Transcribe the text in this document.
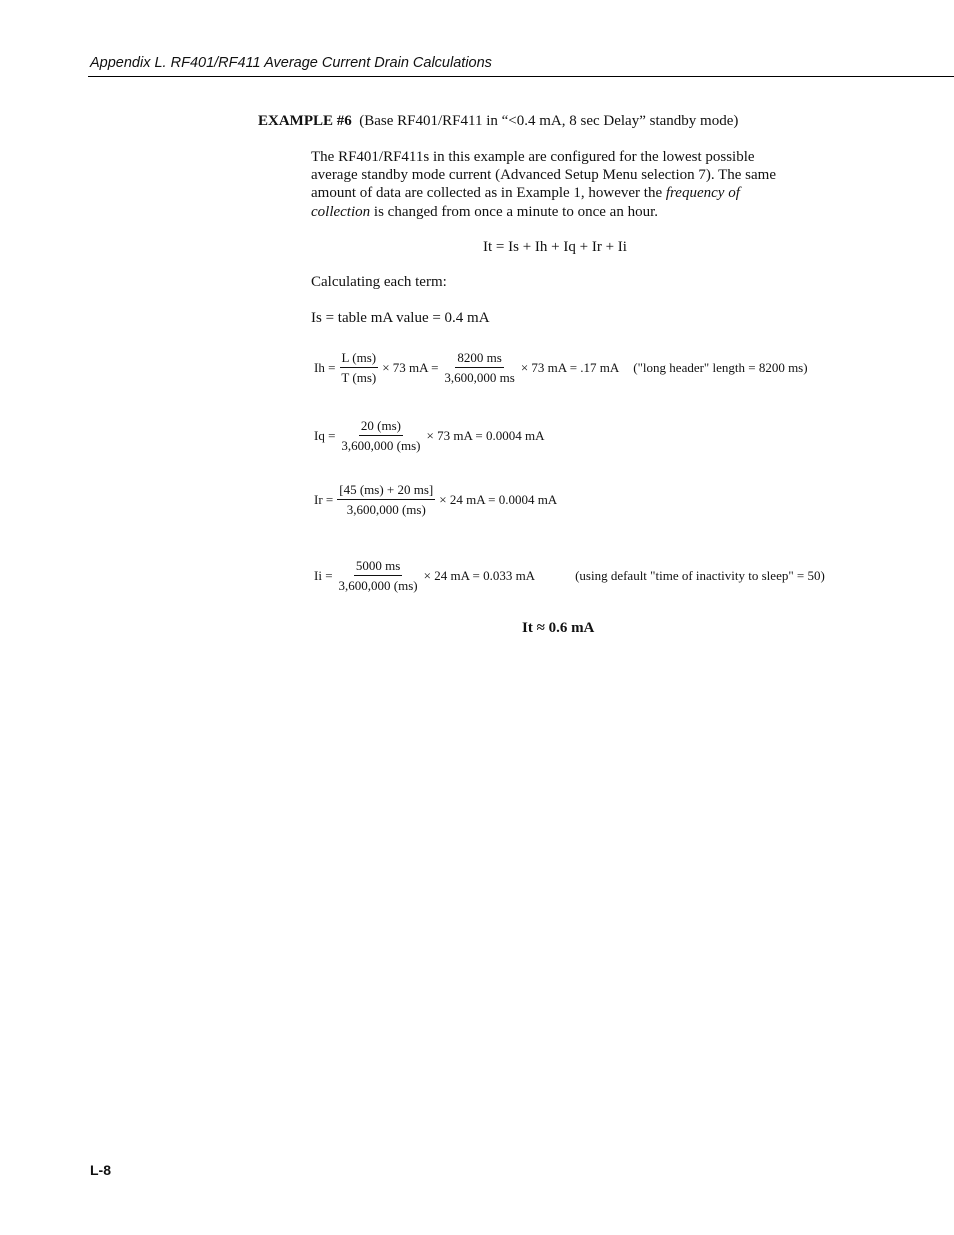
Appendix L. RF401/RF411 Average Current Drain Calculations
EXAMPLE #6 (Base RF401/RF411 in “<0.4 mA, 8 sec Delay” standby mode)
The RF401/RF411s in this example are configured for the lowest possible
average standby mode current (Advanced Setup Menu selection 7). The same
amount of data are collected as in Example 1, however the frequency of
collection is changed from once a minute to once an hour.
It = Is + Ih + Iq + Ir + Ii
Calculating each term:
Is = table mA value = 0.4 mA
$Ih = \frac{L (ms)}{T (ms)} \times 73$ mA = $\frac{8200 ms}{3,600,000 ms} \times 73$ mA = .17 mA ("long header" length = 8200 ms)
$Iq = \frac{20 (ms)}{3,600,000 (ms)} \times 73$ mA = 0.0004 mA
$Ir = \frac{[45 (ms) + 20 ms]}{3,600,000 (ms)} \times 24$ mA = 0.0004 mA
$Ii = \frac{5000 ms}{3,600,000 (ms)} \times 24$ mA = 0.033 mA	(using default "time of inactivity to sleep" = 50)
It ≈ 0.6 mA
L-8
